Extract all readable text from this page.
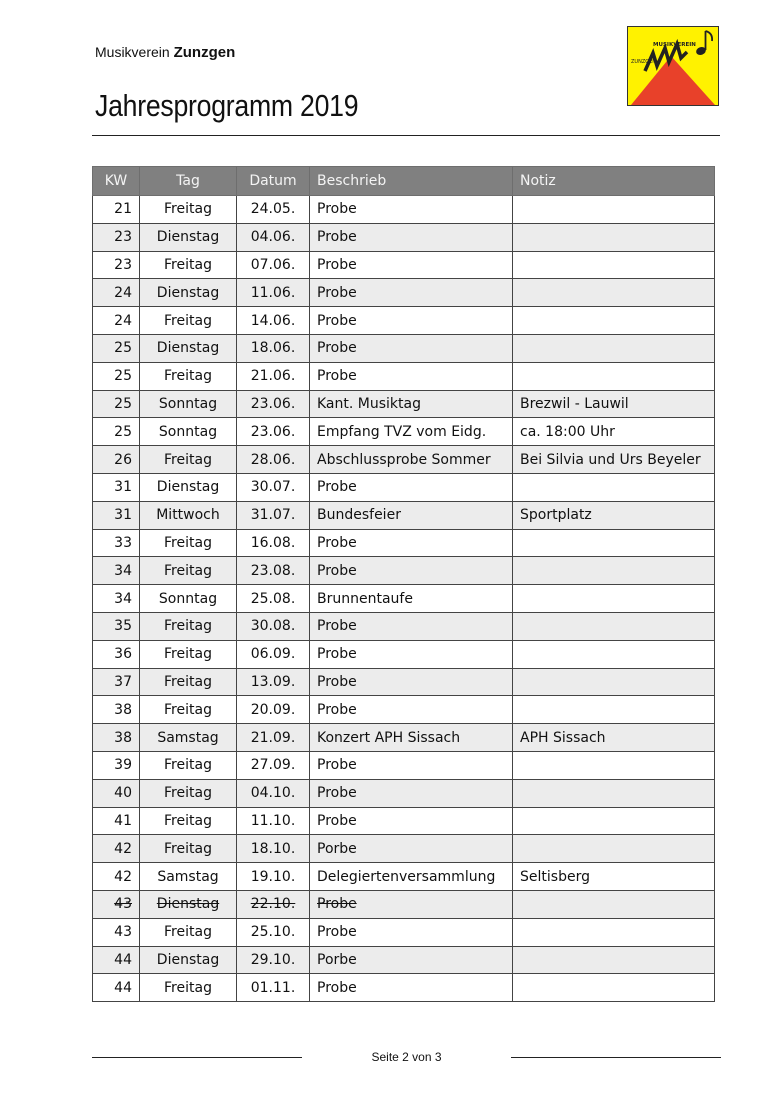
Musikverein Zunzgen
Jahresprogramm 2019
MUSIKVEREIN
ZUNZGEN
KW	Tag	Datum	Beschrieb	Notiz
21	Freitag	24.05.	Probe	
23	Dienstag	04.06.	Probe	
23	Freitag	07.06.	Probe	
24	Dienstag	11.06.	Probe	
24	Freitag	14.06.	Probe	
25	Dienstag	18.06.	Probe	
25	Freitag	21.06.	Probe	
25	Sonntag	23.06.	Kant. Musiktag	Brezwil - Lauwil
25	Sonntag	23.06.	Empfang TVZ vom Eidg.	ca. 18:00 Uhr
26	Freitag	28.06.	Abschlussprobe Sommer	Bei Silvia und Urs Beyeler
31	Dienstag	30.07.	Probe	
31	Mittwoch	31.07.	Bundesfeier	Sportplatz
33	Freitag	16.08.	Probe	
34	Freitag	23.08.	Probe	
34	Sonntag	25.08.	Brunnentaufe	
35	Freitag	30.08.	Probe	
36	Freitag	06.09.	Probe	
37	Freitag	13.09.	Probe	
38	Freitag	20.09.	Probe	
38	Samstag	21.09.	Konzert APH Sissach	APH Sissach
39	Freitag	27.09.	Probe	
40	Freitag	04.10.	Probe	
41	Freitag	11.10.	Probe	
42	Freitag	18.10.	Porbe	
42	Samstag	19.10.	Delegiertenversammlung	Seltisberg
43	Dienstag	22.10.	Probe	
43	Freitag	25.10.	Probe	
44	Dienstag	29.10.	Porbe	
44	Freitag	01.11.	Probe	
Seite 2 von 3
